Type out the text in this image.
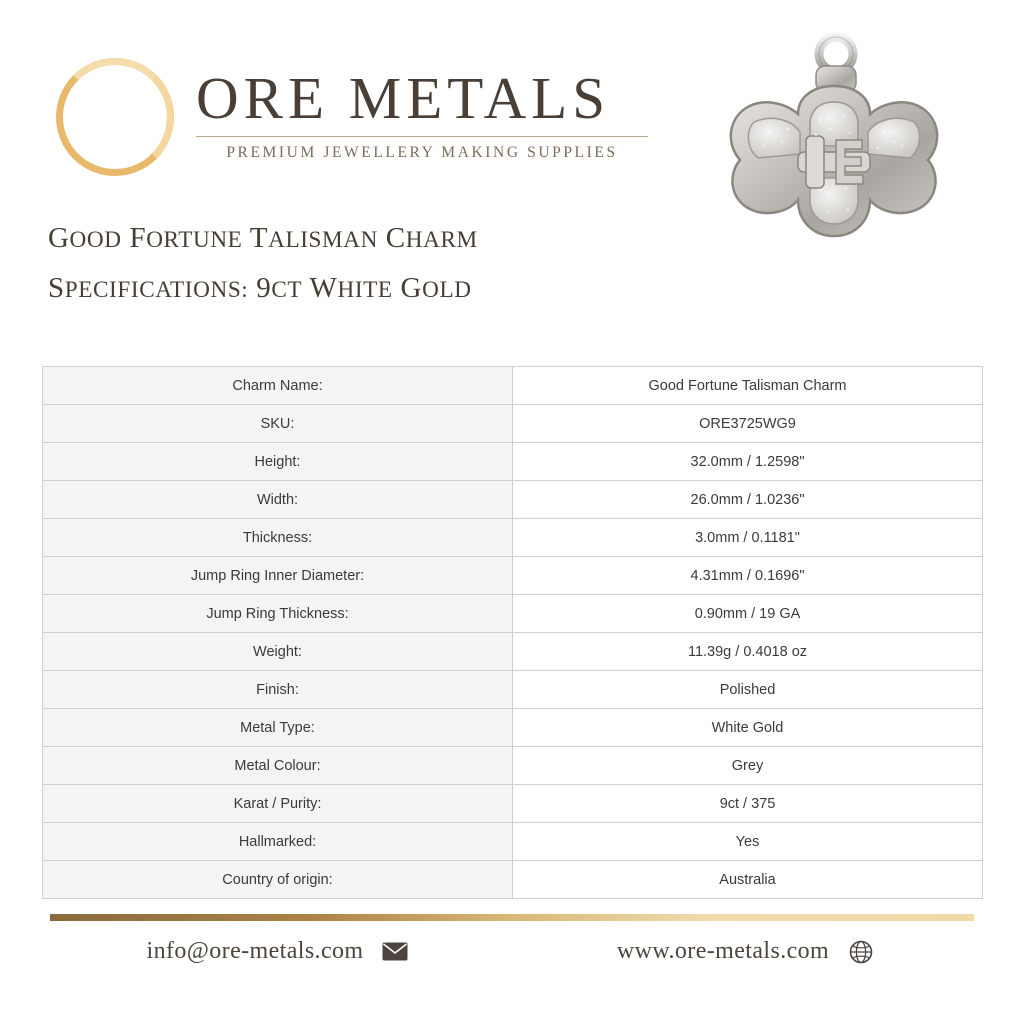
ORE METALS
PREMIUM JEWELLERY MAKING SUPPLIES
GOOD FORTUNE TALISMAN CHARM
SPECIFICATIONS: 9CT WHITE GOLD
Charm Name:	Good Fortune Talisman Charm
SKU:	ORE3725WG9
Height:	32.0mm / 1.2598"
Width:	26.0mm / 1.0236"
Thickness:	3.0mm / 0.1181"
Jump Ring Inner Diameter:	4.31mm / 0.1696"
Jump Ring Thickness:	0.90mm / 19 GA
Weight:	11.39g / 0.4018 oz
Finish:	Polished
Metal Type:	White Gold
Metal Colour:	Grey
Karat / Purity:	9ct / 375
Hallmarked:	Yes
Country of origin:	Australia
info@ore-metals.com	www.ore-metals.com
